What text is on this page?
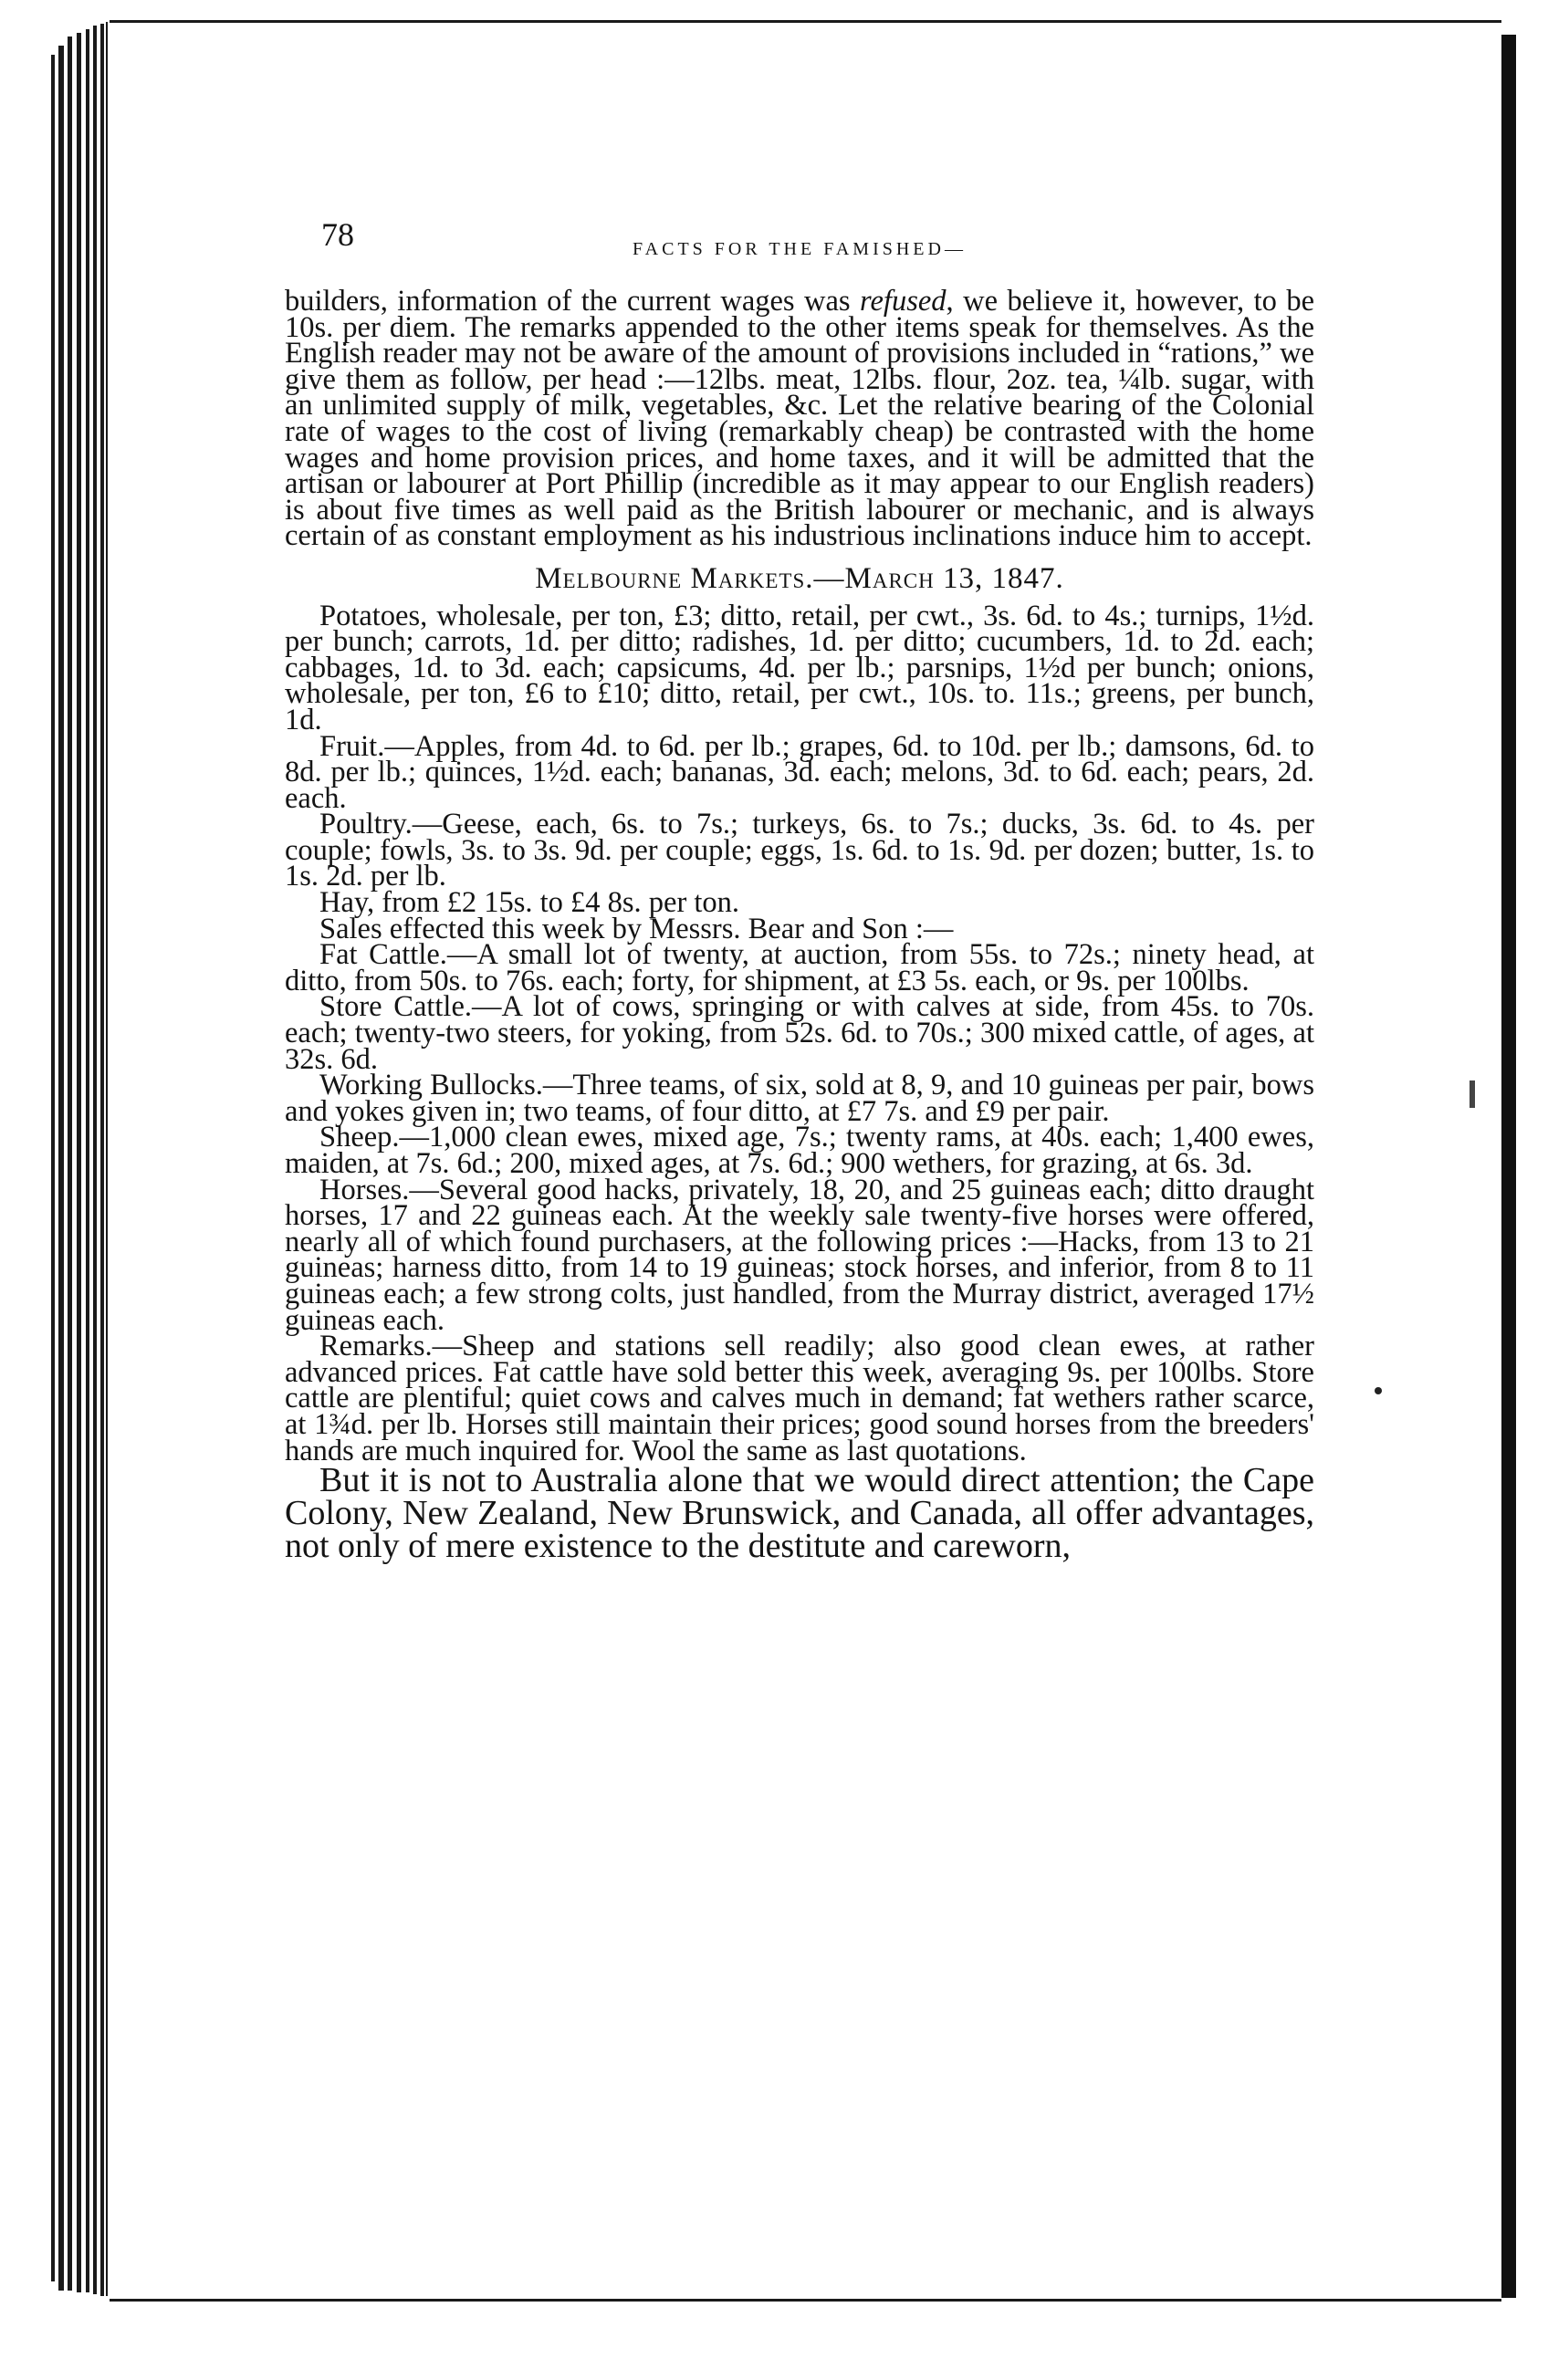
78	FACTS FOR THE FAMISHED—

builders, information of the current wages was refused, we believe it, however, to be 10s. per diem. The remarks appended to the other items speak for themselves. As the English reader may not be aware of the amount of provisions included in “rations,” we give them as follow, per head :—12lbs. meat, 12lbs. flour, 2oz. tea, ¼lb. sugar, with an unlimited supply of milk, vegetables, &c. Let the relative bearing of the Colonial rate of wages to the cost of living (remarkably cheap) be contrasted with the home wages and home provision prices, and home taxes, and it will be admitted that the artisan or labourer at Port Phillip (incredible as it may appear to our English readers) is about five times as well paid as the British labourer or mechanic, and is always certain of as constant employment as his industrious inclinations induce him to accept.

Melbourne Markets.—March 13, 1847.

Potatoes, wholesale, per ton, £3; ditto, retail, per cwt., 3s. 6d. to 4s.; turnips, 1½d. per bunch; carrots, 1d. per ditto; radishes, 1d. per ditto; cucumbers, 1d. to 2d. each; cabbages, 1d. to 3d. each; capsicums, 4d. per lb.; parsnips, 1½d per bunch; onions, wholesale, per ton, £6 to £10; ditto, retail, per cwt., 10s. to. 11s.; greens, per bunch, 1d.

Fruit.—Apples, from 4d. to 6d. per lb.; grapes, 6d. to 10d. per lb.; damsons, 6d. to 8d. per lb.; quinces, 1½d. each; bananas, 3d. each; melons, 3d. to 6d. each; pears, 2d. each.

Poultry.—Geese, each, 6s. to 7s.; turkeys, 6s. to 7s.; ducks, 3s. 6d. to 4s. per couple; fowls, 3s. to 3s. 9d. per couple; eggs, 1s. 6d. to 1s. 9d. per dozen; butter, 1s. to 1s. 2d. per lb.

Hay, from £2 15s. to £4 8s. per ton.

Sales effected this week by Messrs. Bear and Son :—

Fat Cattle.—A small lot of twenty, at auction, from 55s. to 72s.; ninety head, at ditto, from 50s. to 76s. each; forty, for shipment, at £3 5s. each, or 9s. per 100lbs.

Store Cattle.—A lot of cows, springing or with calves at side, from 45s. to 70s. each; twenty-two steers, for yoking, from 52s. 6d. to 70s.; 300 mixed cattle, of ages, at 32s. 6d.

Working Bullocks.—Three teams, of six, sold at 8, 9, and 10 guineas per pair, bows and yokes given in; two teams, of four ditto, at £7 7s. and £9 per pair.

Sheep.—1,000 clean ewes, mixed age, 7s.; twenty rams, at 40s. each; 1,400 ewes, maiden, at 7s. 6d.; 200, mixed ages, at 7s. 6d.; 900 wethers, for grazing, at 6s. 3d.

Horses.—Several good hacks, privately, 18, 20, and 25 guineas each; ditto draught horses, 17 and 22 guineas each. At the weekly sale twenty-five horses were offered, nearly all of which found purchasers, at the following prices :—Hacks, from 13 to 21 guineas; harness ditto, from 14 to 19 guineas; stock horses, and inferior, from 8 to 11 guineas each; a few strong colts, just handled, from the Murray district, averaged 17½ guineas each.

Remarks.—Sheep and stations sell readily; also good clean ewes, at rather advanced prices. Fat cattle have sold better this week, averaging 9s. per 100lbs. Store cattle are plentiful; quiet cows and calves much in demand; fat wethers rather scarce, at 1¾d. per lb. Horses still maintain their prices; good sound horses from the breeders' hands are much inquired for. Wool the same as last quotations.

But it is not to Australia alone that we would direct attention; the Cape Colony, New Zealand, New Brunswick, and Canada, all offer advantages, not only of mere existence to the destitute and careworn,
